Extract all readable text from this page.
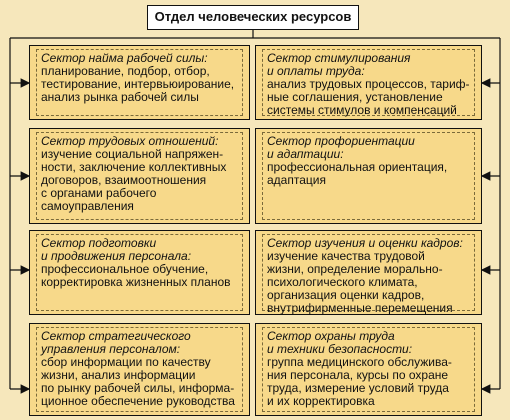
Отдел человеческих ресурсов
Сектор найма рабочей силы:
планирование, подбор, отбор,
тестирование, интервьюирование,
анализ рынка рабочей силы
Сектор стимулирования
и оплаты труда:
анализ трудовых процессов, тариф-
ные соглашения, установление
системы стимулов и компенсаций
Сектор трудовых отношений:
изучение социальной напряжен-
ности, заключение коллективных
договоров, взаимоотношения
с органами рабочего
самоуправления
Сектор профориентации
и адаптации:
профессиональная ориентация,
адаптация
Сектор подготовки
и продвижения персонала:
профессиональное обучение,
корректировка жизненных планов
Сектор изучения и оценки кадров:
изучение качества трудовой
жизни, определение морально-
психологического климата,
организация оценки кадров,
внутрифирменные перемещения
Сектор стратегического
управления персоналом:
сбор информации по качеству
жизни, анализ информации
по рынку рабочей силы, информа-
ционное обеспечение руководства
Сектор охраны труда
и техники безопасности:
группа медицинского обслужива-
ния персонала, курсы по охране
труда, измерение условий труда
и их корректировка
